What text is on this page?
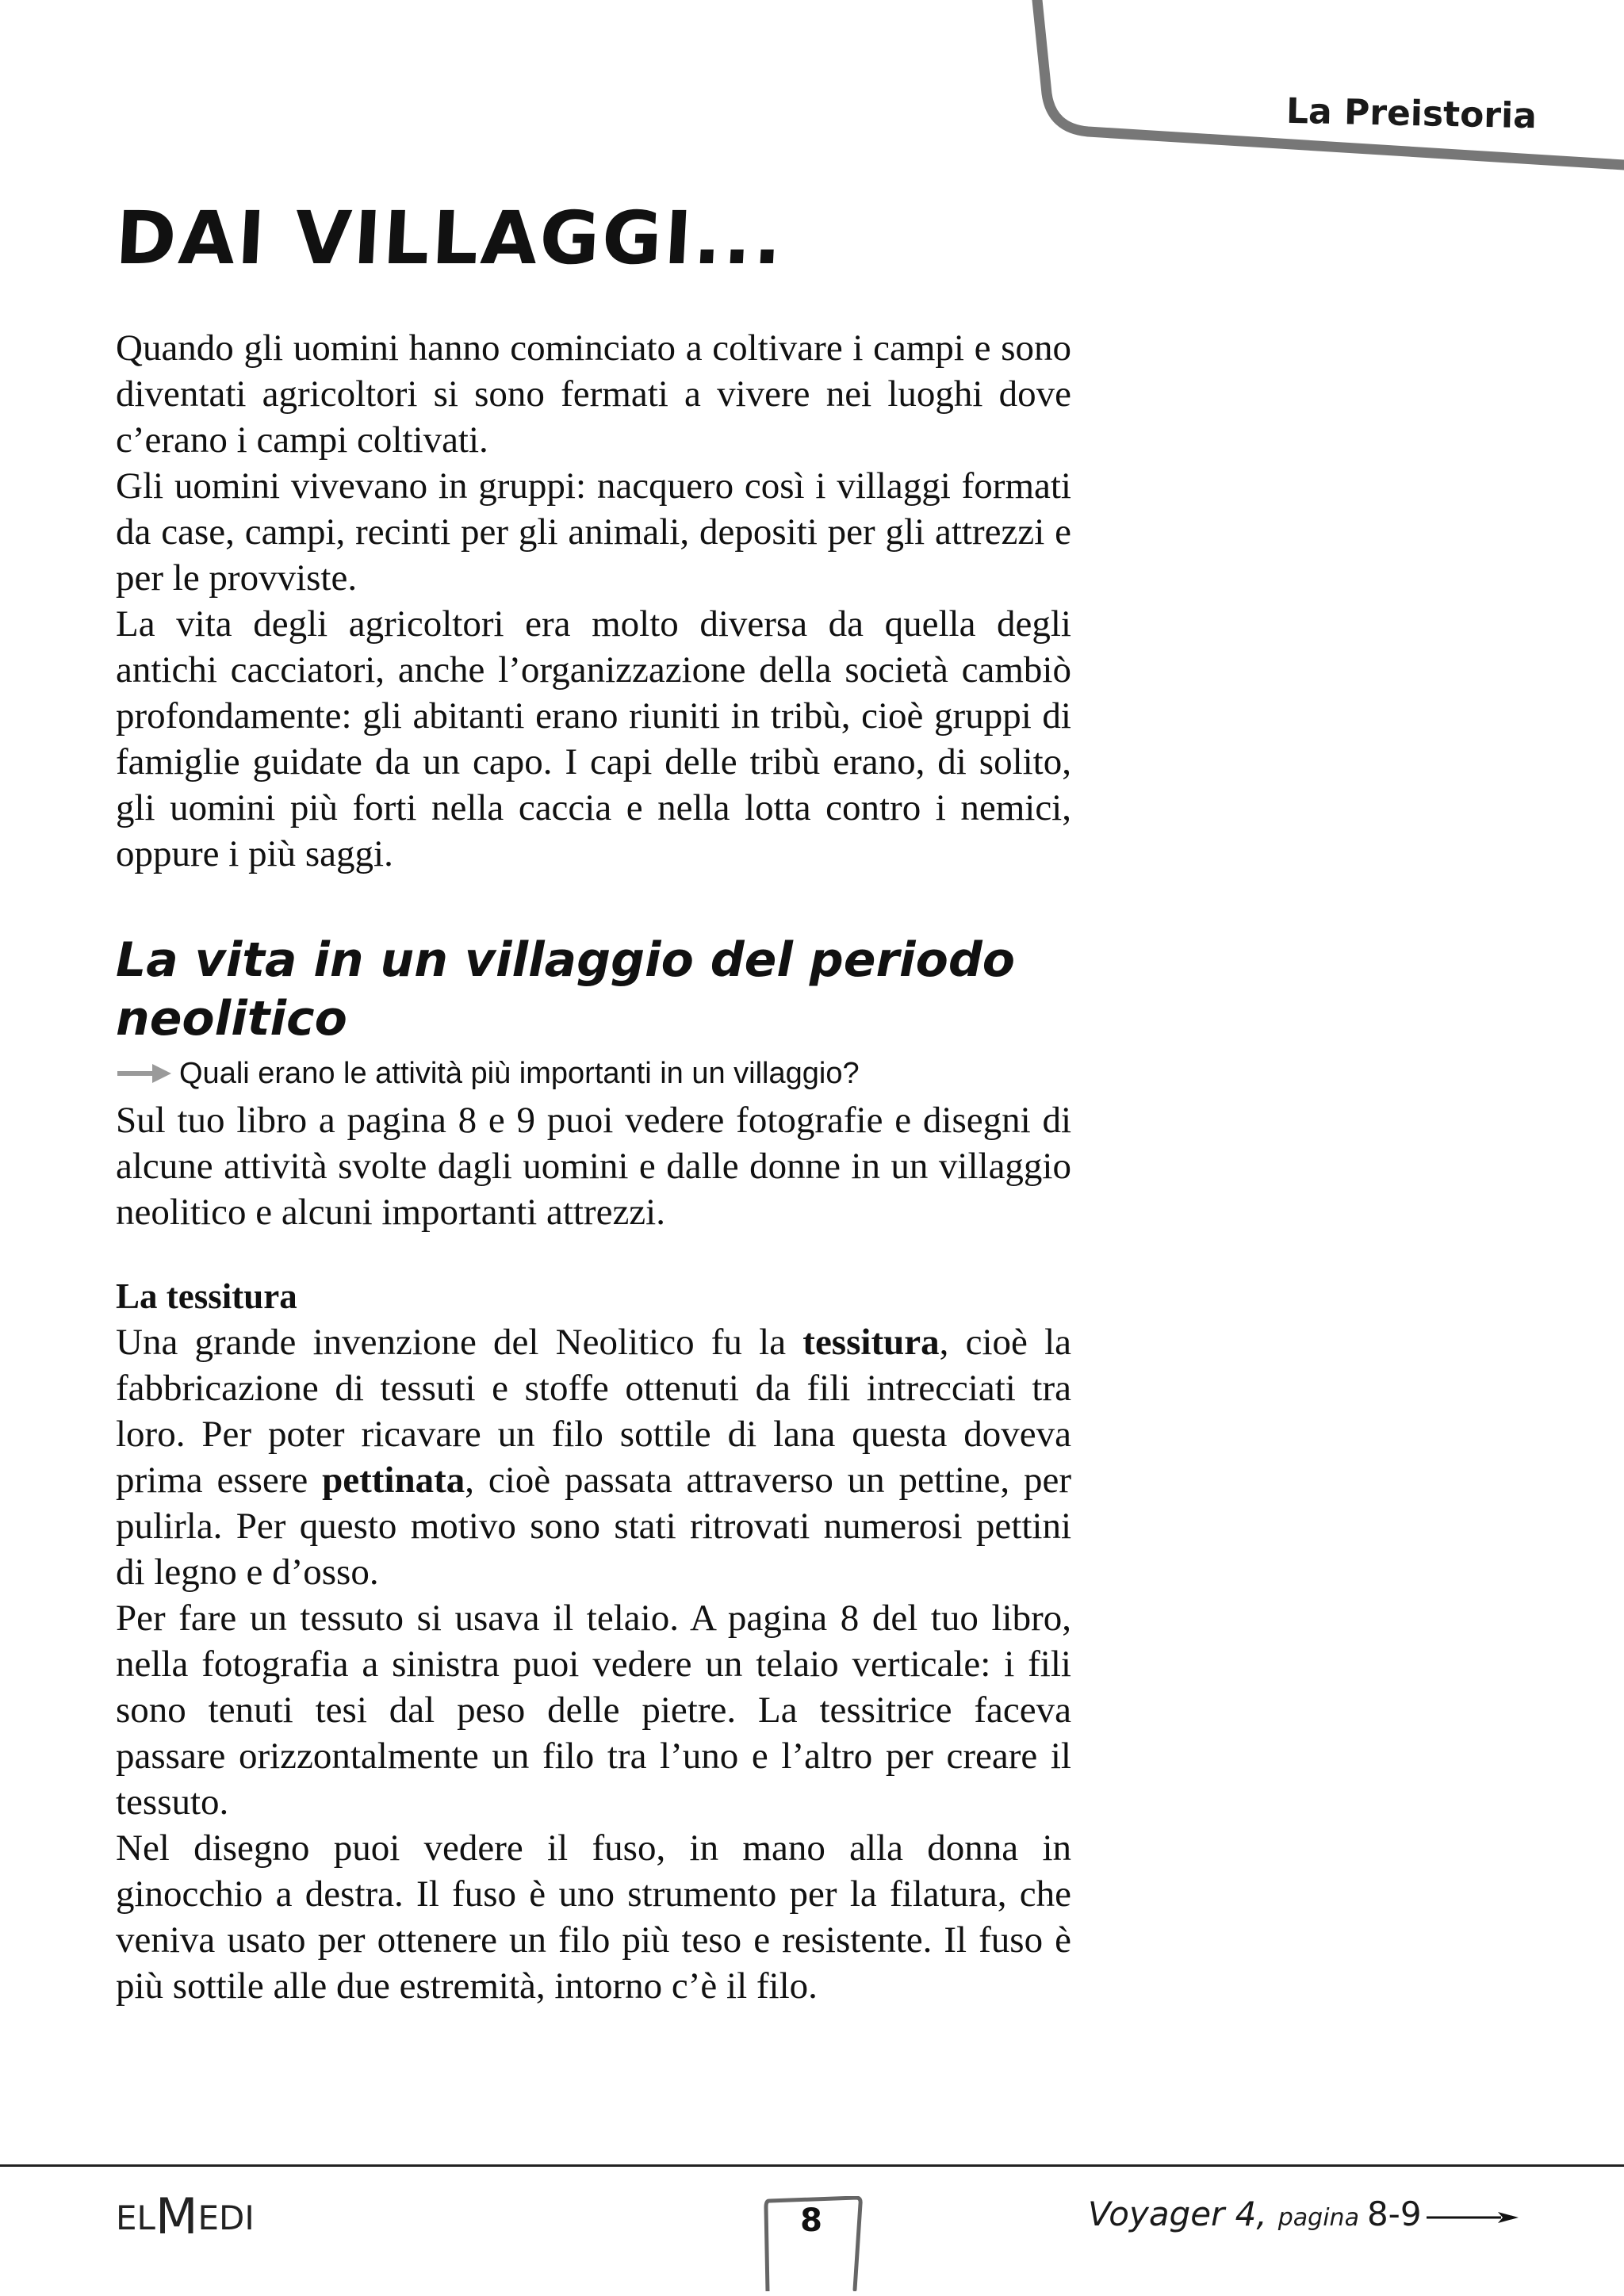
La Preistoria
DAI VILLAGGI...

Quando gli uomini hanno cominciato a coltivare i campi e sono diventati agricoltori si sono fermati a vivere nei luoghi dove c’erano i campi coltivati.

Gli uomini vivevano in gruppi: nacquero così i villaggi formati da case, campi, recinti per gli animali, depositi per gli attrezzi e per le provviste.

La vita degli agricoltori era molto diversa da quella degli antichi cacciatori, anche l’organizzazione della società cambiò profondamente: gli abitanti erano riuniti in tribù, cioè gruppi di famiglie guidate da un capo. I capi delle tribù erano, di solito, gli uomini più forti nella caccia e nella lotta contro i nemici, oppure i più saggi.

La vita in un villaggio del periodo neolitico
Quali erano le attività più importanti in un villaggio?

Sul tuo libro a pagina 8 e 9 puoi vedere fotografie e disegni di alcune attività svolte dagli uomini e dalle donne in un villaggio neolitico e alcuni importanti attrezzi.

La tessitura

Una grande invenzione del Neolitico fu la tessitura, cioè la fabbricazione di tessuti e stoffe ottenuti da fili intrecciati tra loro. Per poter ricavare un filo sottile di lana questa doveva prima essere pettinata, cioè passata attraverso un pettine, per pulirla. Per questo motivo sono stati ritrovati numerosi pettini di legno e d’osso.

Per fare un tessuto si usava il telaio. A pagina 8 del tuo libro, nella fotografia a sinistra puoi vedere un telaio verticale: i fili sono tenuti tesi dal peso delle pietre. La tessitrice faceva passare orizzontalmente un filo tra l’uno e l’altro per creare il tessuto.

Nel disegno puoi vedere il fuso, in mano alla donna in ginocchio a destra. Il fuso è uno strumento per la filatura, che veniva usato per ottenere un filo più teso e resistente. Il fuso è più sottile alle due estremità, intorno c’è il filo.

EL M EDI	8	Voyager 4, pagina 8-9
